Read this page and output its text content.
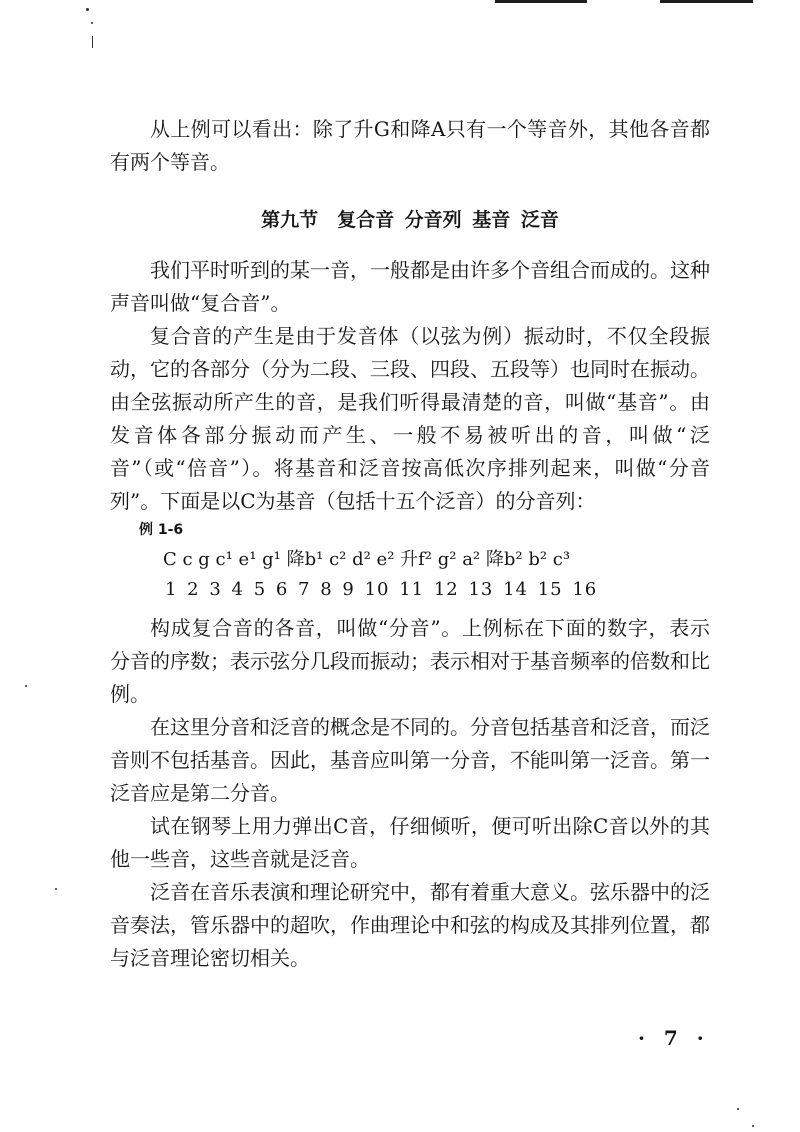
从上例可以看出：除了升G和降A只有一个等音外，其他各音都有两个等音。

第九节　复合音 分音列 基音 泛音

我们平时听到的某一音，一般都是由许多个音组合而成的。这种声音叫做“复合音”。

复合音的产生是由于发音体（以弦为例）振动时，不仅全段振动，它的各部分（分为二段、三段、四段、五段等）也同时在振动。由全弦振动所产生的音，是我们听得最清楚的音，叫做“基音”。由发音体各部分振动而产生、一般不易被听出的音，叫做“泛音”（或“倍音”）。将基音和泛音按高低次序排列起来，叫做“分音列”。下面是以C为基音（包括十五个泛音）的分音列：

例 1-6
C c g c¹ e¹ g¹ 降b¹ c² d² e² 升f² g² a² 降b² b² c³
1 2 3 4 5 6 7 8 9 10 11 12 13 14 15 16

构成复合音的各音，叫做“分音”。上例标在下面的数字，表示分音的序数；表示弦分几段而振动；表示相对于基音频率的倍数和比例。

在这里分音和泛音的概念是不同的。分音包括基音和泛音，而泛音则不包括基音。因此，基音应叫第一分音，不能叫第一泛音。第一泛音应是第二分音。

试在钢琴上用力弹出C音，仔细倾听，便可听出除C音以外的其他一些音，这些音就是泛音。

泛音在音乐表演和理论研究中，都有着重大意义。弦乐器中的泛音奏法，管乐器中的超吹，作曲理论中和弦的构成及其排列位置，都与泛音理论密切相关。

· 7 ·
